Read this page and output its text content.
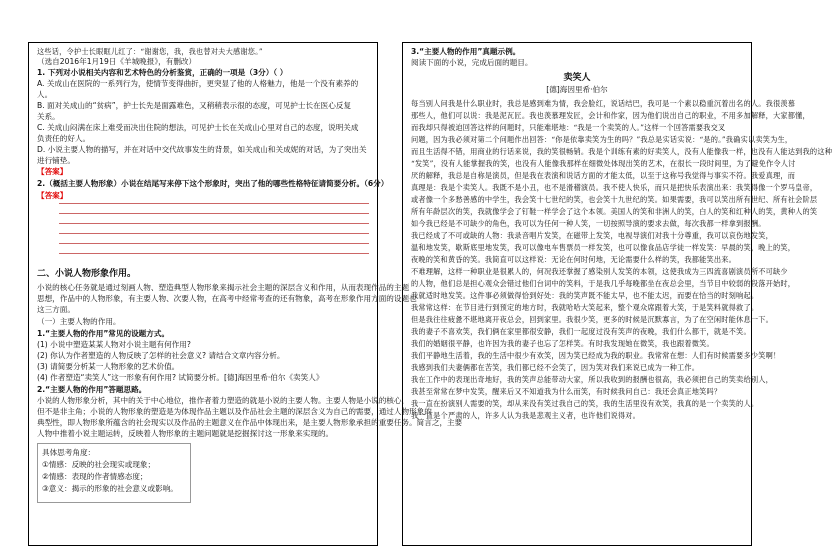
这些话，令护士长眼眶儿红了：“谢谢您，我，我也替对夫大感谢您。”
（选自2016年1月19日《羊城晚报》，有删改）
1. 下列对小说相关内容和艺术特色的分析鉴赏，正确的一项是（3分）（ ）
A. 关成山在医院的一系列行为，使情节变得曲折，更突显了他的人格魅力，他是一个没有素养的
人。
B. 面对关成山的“贫病”，护士长先是面露难色，又稍稍表示很的态度，可见护士长在医心反复
关系。
C. 关成山闷满在床上难受而决出住院的想法，可见护士长在关成山心里对自己的态度，说明关成
负责任的好人。
D. 小说主要人物的描写，并在对话中交代故事发生的背景，如关成山和关成妮的对话，为了突出关
进行铺垫。
【答案】
2.（概括主要人物形象）小说在结尾写来停下这个形象时，突出了他的哪些性格特征请简要分析。（6分）
【答案】
二、小说人物形象作用。
小说的核心任务就是通过刻画人物、塑造典型人物形象来揭示社会主题的深层含义和作用，从而表现作品的主题
思想，作品中的人物形象，有主要人物、次要人物，在高考中经常考查的还有物象，高考在形象作用方面的设题也
这三方面。
（一）主要人物的作用。
1.“主要人物的作用”常见的设题方式。
(1) 小说中塑造某某人物对小说主题有何作用?
(2) 你认为作者塑造的人物反映了怎样的社会意义? 请结合文章内容分析。
(3) 请简要分析某一人物形象的艺术价值。
(4) 作者塑造“卖笑人”这一形象有何作用? 试简要分析。[德]海因里希·伯尔《卖笑人》
2.“主要人物的作用”答题思路。
小说的人物形象分析，其中的关于中心地位，推作者着力塑造的就是小说的主要人物。主要人物是小说的核心，
但不是非主角；小说的人物形象的塑造是为体现作品主题以及作品社会主题的深层含义为自己的需要，通过人物形象的
典型性，即人物形象所蕴含的社会现实以及作品的主题意义在作品中体现出来，是主要人物形象承担的重要任务。简言之，主要
人物中推着小说主题运转，反映着人物形象的主题问题就是挖掘探讨这一形象来实现的。
具体思考角度：
①情感：反映的社会现实或现象；
②情感：表现的作者情感态度；
③意义：揭示的形象的社会意义或影响。
3.“主要人物的作用”真题示例。
阅读下面的小说，完成后面的题目。
卖笑人
[德]海因里希·伯尔
每当别人问我是什么职业时，我总是感到难为情，我会脸红，说话结巴，我可是一个素以稳重沉着出名的人。我很羡慕
那些人，他们可以说：我是泥瓦匠。我也羡慕理发匠，会计和作家，因为他们说出自己的职业，不用多加解释，大家都懂，
而我却只得被迫回答这样的问题时，只能难堪地：“我是一个卖笑的人。”这样一个回答需要我交叉
问题，因为我必须对第二个问题作出回答：“你是依靠卖笑为生的吗？”我总是实话实说：“是的。”我确实以卖笑为生，
而且生活得不错，用商业的行话来说，我的笑很畅销。我是个训练有素的好卖笑人，没有人能像我一样，也没有人能达到我的这种
“发笑”，没有人能掌握我的笑，也没有人能像我那样在细微处体现出笑的艺术，在很长一段时间里，为了避免作令人讨
厌的解释，我总是自称是演员，但是我在表演和说话方面的才能太低，以至于这称号我觉得与事实不符。我爱真理，而
真理是：我是个卖笑人。我既不是小丑，也不是滑稽演员。我不使人快乐，而只是把快乐表演出来：我笑得像一个罗马皇帝，
或者像一个多愁善感的中学生，我会笑十七世纪的笑，也会笑十九世纪的笑。如果需要，我可以笑出所有世纪、所有社会阶层
所有年龄层次的笑，我就像学会了钉鞋一样学会了这个本领。美国人的笑和非洲人的笑，白人的笑和红种人的笑，黄种人的笑
如今我已经是不可缺少的角色，我可以为任何一种人笑，一切按照导演的要求去做，每次我都一样拿到报酬。
我已经成了不可或缺的人物：我录音唱片发笑，在磁带上发笑，电视导演们对我十分尊重，我可以哀伤地发笑，
温和地发笑，歇斯底里地发笑，我可以像电车售票员一样发笑，也可以像食品店学徒一样发笑：早晨的笑，晚上的笑，
夜晚的笑和黄昏的笑。我简直可以这样说：无论在何时何地，无论需要什么样的笑，我都能笑出来。
不难理解，这样一种职业是很累人的，何况我还掌握了感染别人发笑的本领，这使我成为三四流喜剧演员所不可缺少
的人物，他们总是担心观众会错过他们台词中的笑料，于是我几乎每晚都坐在夜总会里，当节目中较弱的段落开始时，
我就适时地发笑。这件事必须做得恰到好处：我的笑声既不能太早，也不能太迟，而要在恰当的时刻响起。
我常常这样：在节目进行到预定的地方时，我就哈哈大笑起来，整个观众席跟着大笑，于是笑料就得救了。
但是我往往疲惫不堪地离开夜总会，回到家里。我很少笑，更多的时候是沉默寡言，为了在空闲时能休息一下。
我的妻子不喜欢笑，我们俩在家里都很安静，我们一起度过没有笑声的夜晚，我们什么都干，就是不笑。
我们的婚姻很平静，也许因为我的妻子也忘了怎样笑。有时我发现她在微笑，我也跟着微笑。
我们平静地生活着，我的生活中很少有欢笑，因为笑已经成为我的职业。我常常在想：人们有时候需要多少笑啊！
我感到我们夫妻俩都在苦笑，我们都已经不会笑了，因为笑对我们来说已成为一种工作。
我在工作中的表现出奇地好，我的笑声总能带动大家，所以我收到的报酬也很高，我必须把自己的笑卖给别人，
我甚至常常在梦中发笑，醒来后又不知道我为什么而笑，有时候我问自己：我还会真正地笑吗？
我一直在扮演别人需要的笑，却从来没有笑过我自己的笑，我的生活里没有欢笑，我真的是一个卖笑的人。
我一直是个严肃的人，许多人认为我是悲观主义者，也许他们说得对。
